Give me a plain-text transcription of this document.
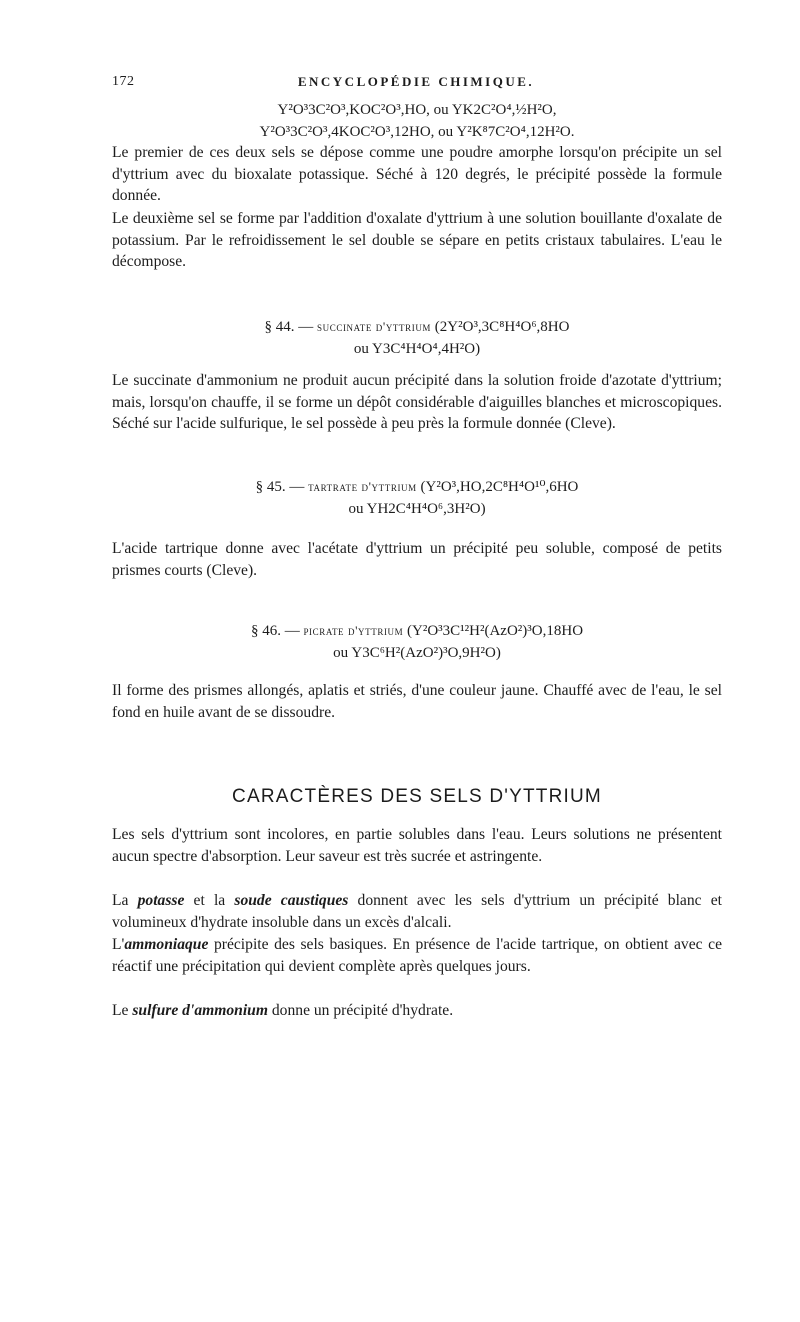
172	ENCYCLOPÉDIE CHIMIQUE.
Y²O³3C²O³,KOC²O³,HO, ou YK2C²O⁴,½H²O,
Y²O³3C²O³,4KOC²O³,12HO, ou Y²K⁸7C²O⁴,12H²O.

Le premier de ces deux sels se dépose comme une poudre amorphe lorsqu'on précipite un sel d'yttrium avec du bioxalate potassique. Séché à 120 degrés, le précipité possède la formule donnée.

Le deuxième sel se forme par l'addition d'oxalate d'yttrium à une solution bouillante d'oxalate de potassium. Par le refroidissement le sel double se sépare en petits cristaux tabulaires. L'eau le décompose.

§ 44. — succinate d'yttrium (2Y²O³,3C⁸H⁴O⁶,8HO
ou Y3C⁴H⁴O⁴,4H²O)

Le succinate d'ammonium ne produit aucun précipité dans la solution froide d'azotate d'yttrium; mais, lorsqu'on chauffe, il se forme un dépôt considérable d'aiguilles blanches et microscopiques. Séché sur l'acide sulfurique, le sel possède à peu près la formule donnée (Cleve).

§ 45. — tartrate d'yttrium (Y²O³,HO,2C⁸H⁴O¹⁰,6HO
ou YH2C⁴H⁴O⁶,3H²O)

L'acide tartrique donne avec l'acétate d'yttrium un précipité peu soluble, composé de petits prismes courts (Cleve).

§ 46. — picrate d'yttrium (Y²O³3C¹²H²(AzO²)³O,18HO
ou Y3C⁶H²(AzO²)³O,9H²O)

Il forme des prismes allongés, aplatis et striés, d'une couleur jaune. Chauffé avec de l'eau, le sel fond en huile avant de se dissoudre.

CARACTÈRES DES SELS D'YTTRIUM

Les sels d'yttrium sont incolores, en partie solubles dans l'eau. Leurs solutions ne présentent aucun spectre d'absorption. Leur saveur est très sucrée et astringente.

La potasse et la soude caustiques donnent avec les sels d'yttrium un précipité blanc et volumineux d'hydrate insoluble dans un excès d'alcali.

L'ammoniaque précipite des sels basiques. En présence de l'acide tartrique, on obtient avec ce réactif une précipitation qui devient complète après quelques jours.

Le sulfure d'ammonium donne un précipité d'hydrate.
